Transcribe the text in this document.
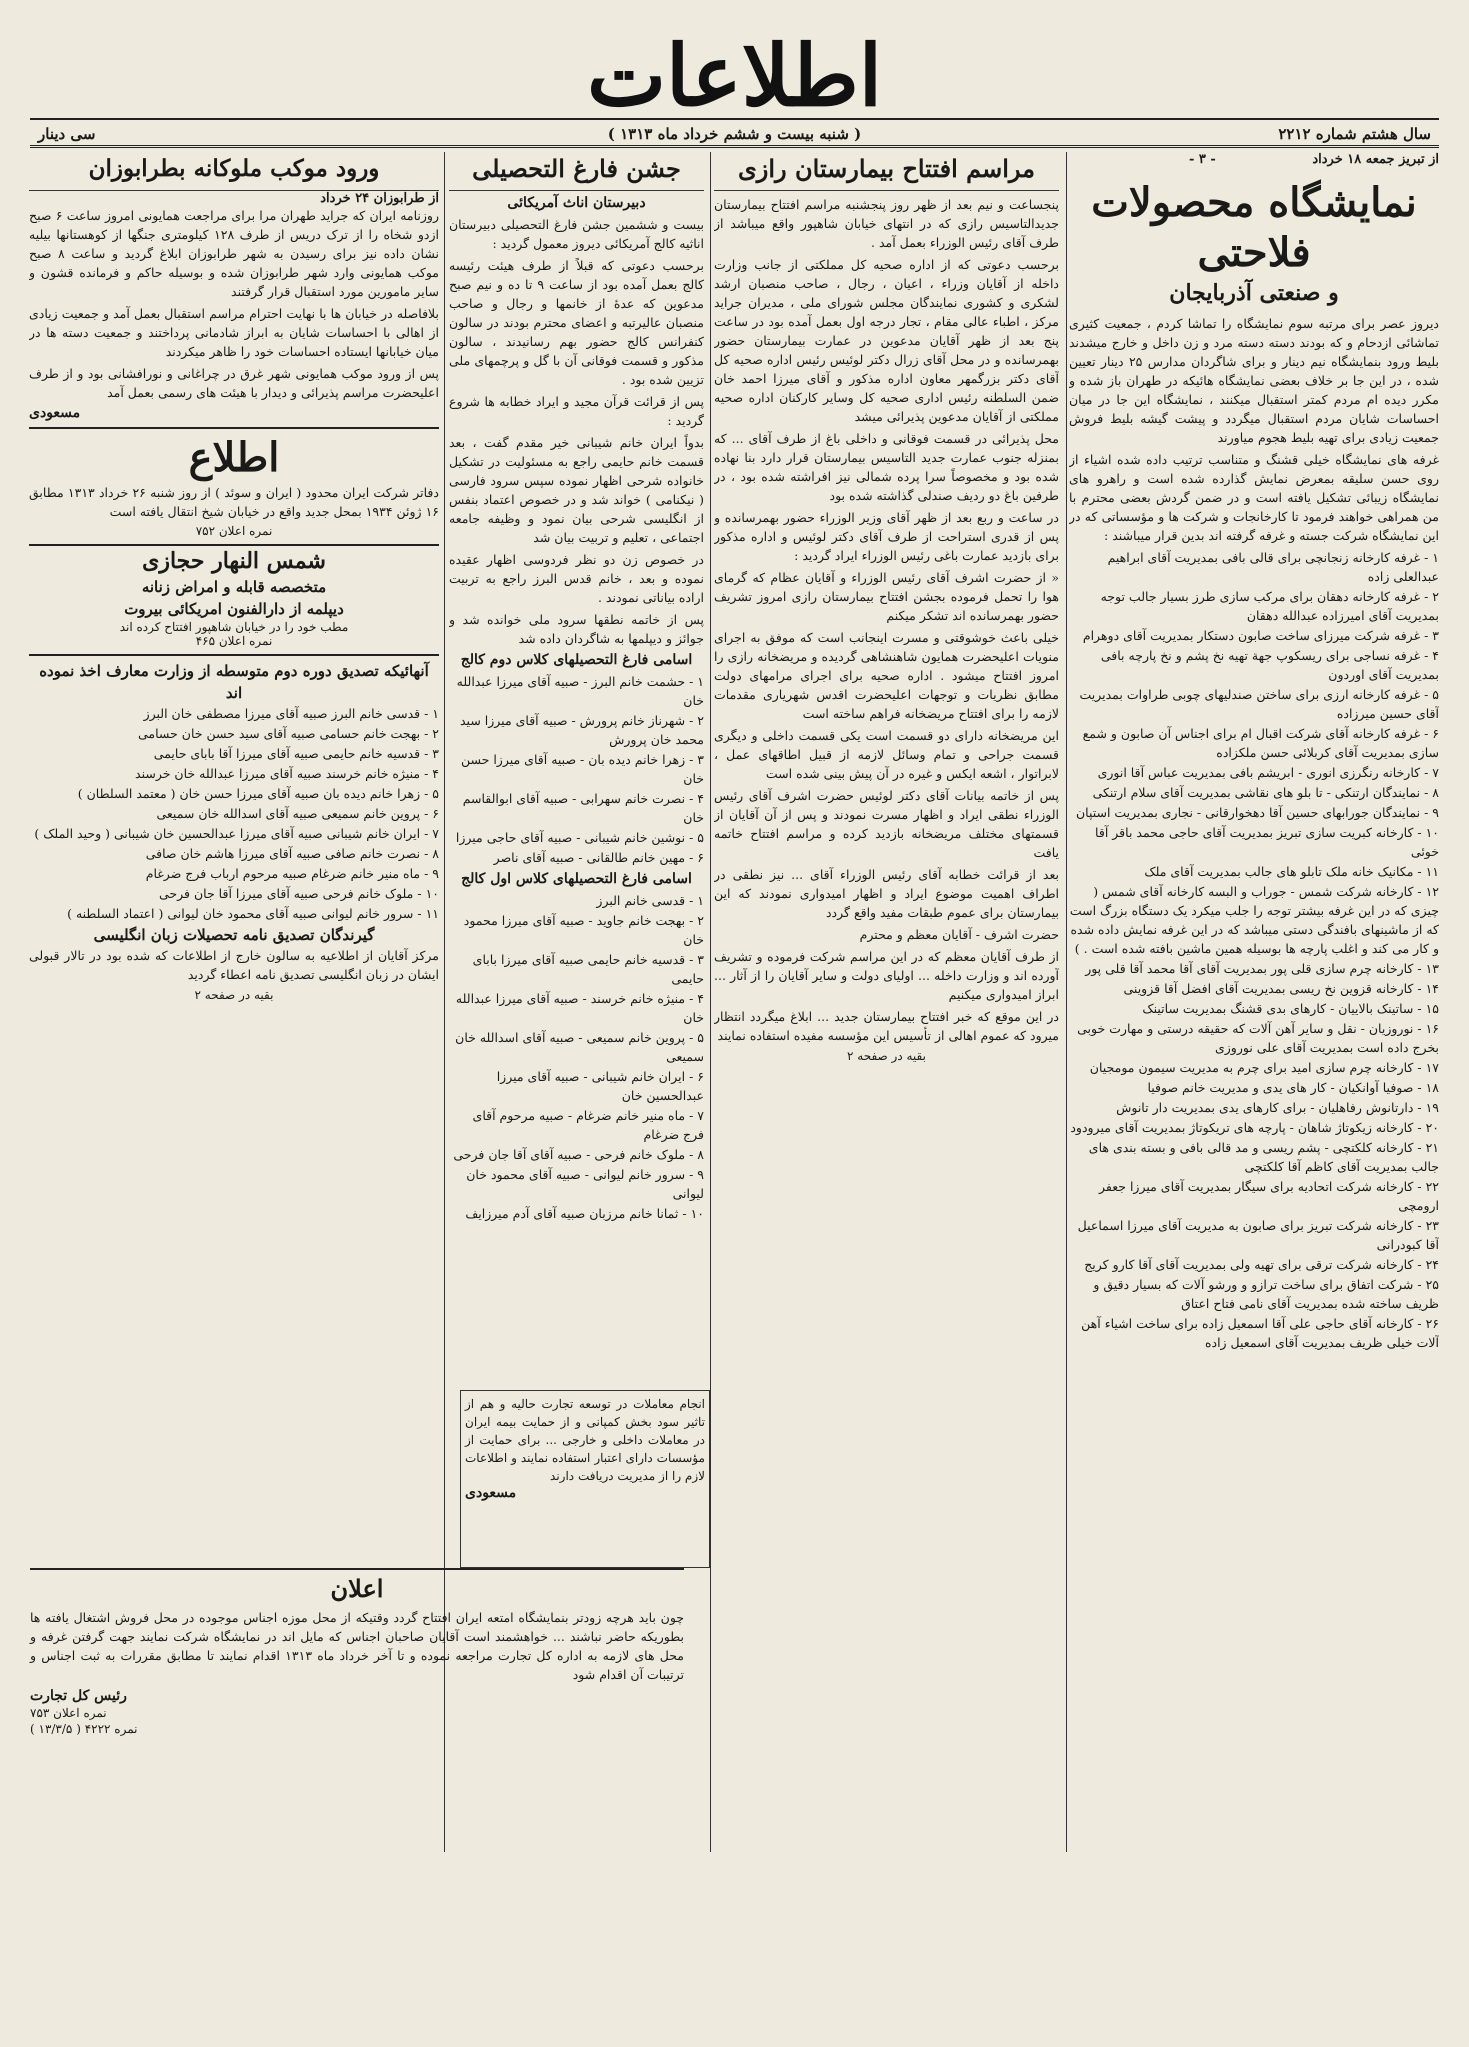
اطلاعات
سال هشتم شماره ۲۲۱۲
( شنبه بیست و ششم خرداد ماه ۱۳۱۳ )
سی دینار
از تبریز جمعه ۱۸ خرداد
- ۳ -
نمایشگاه محصولات فلاحتی
و صنعتی آذربایجان

دیروز عصر برای مرتبه سوم نمایشگاه را تماشا کردم ، جمعیت کثیری تماشائی ازدحام و که بودند دسته دسته مرد و زن داخل و خارج میشدند بلیط ورود بنمایشگاه نیم دینار و برای شاگردان مدارس ۲۵ دینار تعیین شده ، در این جا بر خلاف بعضی نمایشگاه هائیکه در طهران باز شده و مکرر دیده ام مردم کمتر استقبال میکنند ، نمایشگاه این جا در میان احساسات شایان مردم استقبال میگردد و پیشت گیشه بلیط فروش جمعیت زیادی برای تهیه بلیط هجوم میاورند

غرفه های نمایشگاه خیلی قشنگ و متناسب ترتیب داده شده اشیاء از روی حسن سلیقه بمعرض نمایش گذارده شده است و راهرو های نمایشگاه زیبائی تشکیل یافته است و در ضمن گردش بعضی محترم با من همراهی خواهند فرمود تا کارخانجات و شرکت ها و مؤسساتی که در این نمایشگاه شرکت جسته و غرفه گرفته اند بدین قرار میباشند :

۱ - غرفه کارخانه زنجانچی برای قالی بافی بمدیریت آقای ابراهیم عبدالعلی زاده
۲ - غرفه کارخانه دهقان برای مرکب سازی طرز بسیار جالب توجه بمدیریت آقای امیرزاده عبدالله دهقان
۳ - غرفه شرکت میرزای ساخت صابون دستکار بمدیریت آقای دوهرام
۴ - غرفه نساجی برای ریسکوپ جهة تهیه نخ پشم و نخ پارچه بافی بمدیریت آقای اوردون
۵ - غرفه کارخانه ارزی برای ساختن صندلیهای چوبی طراوات بمدیریت آقای حسین میرزاده
۶ - غرفه کارخانه آقای شرکت اقبال ام برای اجناس آن صابون و شمع سازی بمدیریت آقای کربلائی حسن ملکزاده
۷ - کارخانه رنگرزی انوری - ابریشم بافی بمدیریت عباس آقا انوری
۸ - نمایندگان ارتنکی - تا بلو های نقاشی بمدیریت آقای سلام ارتنکی
۹ - نمایندگان جورابهای حسین آقا دهخوارقانی - نجاری بمدیریت استپان
۱۰ - کارخانه کبریت سازی تبریز بمدیریت آقای حاجی محمد باقر آقا خوئی
۱۱ - مکانیک خانه ملک تابلو های جالب بمدیریت آقای ملک
۱۲ - کارخانه شرکت شمس - جوراب و البسه کارخانه آقای شمس ( چیزی که در این غرفه بیشتر توجه را جلب میکرد یک دستگاه بزرگ است که از ماشینهای بافندگی دستی میباشد که در این غرفه نمایش داده شده و کار می کند و اغلب پارچه ها بوسیله همین ماشین بافته شده است . )
۱۳ - کارخانه چرم سازی قلی پور بمدیریت آقای آقا محمد آقا قلی پور
۱۴ - کارخانه قزوین نخ ریسی بمدیریت آقای افضل آقا قزوینی
۱۵ - ساتینک بالاییان - کارهای بدی قشنگ بمدیریت ساتینک
۱۶ - نوروزیان - نقل و سایر آهن آلات که حقیقه درستی و مهارت خوبی بخرج داده است بمدیریت آقای علی نوروزی
۱۷ - کارخانه چرم سازی امید برای چرم به مدیریت سیمون مومجیان
۱۸ - صوفیا آوانکیان - کار های یدی و مدیریت خانم صوفیا
۱۹ - دارتانوش رفاهلیان - برای کارهای یدی بمدیریت دار تانوش
۲۰ - کارخانه زیکوتاژ شاهان - پارچه های تریکوتاژ بمدیریت آقای میرودود
۲۱ - کارخانه کلکتچی - پشم ریسی و مد قالی بافی و بسته بندی های جالب بمدیریت آقای کاظم آقا کلکتچی
۲۲ - کارخانه شرکت اتحادیه برای سیگار بمدیریت آقای میرزا جعفر ارومچی
۲۳ - کارخانه شرکت تبریز برای صابون به مدیریت آقای میرزا اسماعیل آقا کبودرانی
۲۴ - کارخانه شرکت ترقی برای تهیه ولی بمدیریت آقای آقا کارو کریج
۲۵ - شرکت اتفاق برای ساخت ترازو و ورشو آلات که بسیار دقیق و ظریف ساخته شده بمدیریت آقای نامی فتاح اعتاق
۲۶ - کارخانه آقای حاجی علی آقا اسمعیل زاده برای ساخت اشیاء آهن آلات خیلی ظریف بمدیریت آقای اسمعیل زاده
مراسم افتتاح بیمارستان رازی

پنجساعت و نیم بعد از ظهر روز پنجشنبه مراسم افتتاح بیمارستان جدیدالتاسیس رازی که در انتهای خیابان شاهپور واقع میباشد از طرف آقای رئیس الوزراء بعمل آمد .

برحسب دعوتی که از اداره صحیه کل مملکتی از جانب وزارت داخله از آقایان وزراء ، اعیان ، رجال ، صاحب منصبان ارشد لشکری و کشوری نمایندگان مجلس شورای ملی ، مدیران جراید مرکز ، اطباء عالی مقام ، تجار درجه اول بعمل آمده بود در ساعت پنج بعد از ظهر آقایان مدعوین در عمارت بیمارستان حضور بهمرسانده و در محل آقای زرال دکتر لوئیس رئیس اداره صحیه کل آقای دکتر بزرگمهر معاون اداره مذکور و آقای میرزا احمد خان ضمن السلطنه رئیس اداری صحیه کل وسایر کارکنان اداره صحیه مملکتی از آقایان مدعوین پذیرائی میشد

محل پذیرائی در قسمت فوقانی و داخلی باغ از طرف آقای ... که بمنزله جنوب عمارت جدید التاسیس بیمارستان قرار دارد بنا نهاده شده بود و مخصوصاً سرا پرده شمالی نیز افراشته شده بود ، در طرفین باغ دو ردیف صندلی گذاشته شده بود

در ساعت و ربع بعد از ظهر آقای وزیر الوزراء حضور بهمرسانده و پس از قدری استراحت از طرف آقای دکتر لوئیس و اداره مذکور برای بازدید عمارت باغی رئیس الوزراء ایراد گردید :

« از حضرت اشرف آقای رئیس الوزراء و آقایان عظام که گرمای هوا را تحمل فرموده بجشن افتتاح بیمارستان رازی امروز تشریف حضور بهمرسانده اند تشکر میکنم

خیلی باعث خوشوقتی و مسرت اینجانب است که موفق به اجرای منویات اعلیحضرت همایون شاهنشاهی گردیده و مریضخانه رازی را امروز افتتاح میشود . اداره صحیه برای اجرای مرامهای دولت مطابق نظریات و توجهات اعلیحضرت اقدس شهریاری مقدمات لازمه را برای افتتاح مریضخانه فراهم ساخته است

این مریضخانه دارای دو قسمت است یکی قسمت داخلی و دیگری قسمت جراحی و تمام وسائل لازمه از قبیل اطاقهای عمل ، لابراتوار ، اشعه ایکس و غیره در آن پیش بینی شده است

پس از خاتمه بیانات آقای دکتر لوئیس حضرت اشرف آقای رئیس الوزراء نطقی ایراد و اظهار مسرت نمودند و پس از آن آقایان از قسمتهای مختلف مریضخانه بازدید کرده و مراسم افتتاح خاتمه یافت

بعد از قرائت خطابه آقای رئیس الوزراء آقای ... نیز نطقی در اطراف اهمیت موضوع ایراد و اظهار امیدواری نمودند که این بیمارستان برای عموم طبقات مفید واقع گردد

حضرت اشرف - آقایان معظم و محترم

از طرف آقایان معظم که در این مراسم شرکت فرموده و تشریف آورده اند و وزارت داخله ... اولیای دولت و سایر آقایان را از آثار ... ابراز امیدواری میکنیم

در این موقع که خبر افتتاح بیمارستان جدید ... ابلاغ میگردد انتظار میرود که عموم اهالی از تأسیس این مؤسسه مفیده استفاده نمایند

بقیه در صفحه ۲
جشن فارغ التحصیلی
دبیرستان اناث آمریکائی

بیست و ششمین جشن فارغ التحصیلی دبیرستان اناثیه کالج آمریکائی دیروز معمول گردید :

برحسب دعوتی که قبلاً از طرف هیئت رئیسه کالج بعمل آمده بود از ساعت ۹ تا ده و نیم صبح مدعوین که عدهٔ از خانمها و رجال و صاحب منصبان عالیرتبه و اعضای محترم بودند در سالون کنفرانس کالج حضور بهم رسانیدند ، سالون مذکور و قسمت فوقانی آن با گل و پرچمهای ملی تزیین شده بود .

پس از قرائت قرآن مجید و ایراد خطابه ها شروع گردید :

بدواً ایران خانم شیبانی خیر مقدم گفت ، بعد قسمت خانم حایمی راجع به مسئولیت در تشکیل خانواده شرحی اظهار نموده سپس سرود فارسی ( نیکنامی ) خواند شد و در خصوص اعتماد بنفس از انگلیسی شرحی بیان نمود و وظیفه جامعه اجتماعی ، تعلیم و تربیت بیان شد

در خصوص زن دو نظر فردوسی اظهار عقیده نموده و بعد ، خانم قدس البرز راجع به تربیت اراده بیاناتی نمودند .

پس از خاتمه نطقها سرود ملی خوانده شد و جوائز و دیپلمها به شاگردان داده شد

اسامی فارغ التحصیلهای کلاس دوم کالج
۱ - حشمت خانم البرز - صبیه آقای میرزا عبدالله خان
۲ - شهرناز خانم پرورش - صبیه آقای میرزا سید محمد خان پرورش
۳ - زهرا خانم دیده بان - صبیه آقای میرزا حسن خان
۴ - نصرت خانم سهرابی - صبیه آقای ابوالقاسم خان
۵ - نوشین خانم شیبانی - صبیه آقای حاجی میرزا
۶ - مهین خانم طالقانی - صبیه آقای ناصر
اسامی فارغ التحصیلهای کلاس اول کالج
۱ - قدسی خانم البرز
۲ - بهجت خانم جاوید - صبیه آقای میرزا محمود خان
۳ - قدسیه خانم حایمی صبیه آقای میرزا بابای حایمی
۴ - منیژه خانم خرسند - صبیه آقای میرزا عبدالله خان
۵ - پروین خانم سمیعی - صبیه آقای اسدالله خان سمیعی
۶ - ایران خانم شیبانی - صبیه آقای میرزا عبدالحسین خان
۷ - ماه منیر خانم ضرغام - صبیه مرحوم آقای فرج ضرغام
۸ - ملوک خانم فرحی - صبیه آقای آقا جان فرحی
۹ - سرور خانم لیوانی - صبیه آقای محمود خان لیوانی
۱۰ - ثمانا خانم مرزبان صبیه آقای آدم میرزایف
ورود موکب ملوکانه بطرابوزان
از طرابوزان ۲۴ خرداد

روزنامه ایران که جراید طهران مرا برای مراجعت همایونی امروز ساعت ۶ صبح ازدو شخاه را از ترک دریس از طرف ۱۲۸ کیلومتری جنگها از کوهستانها بیلیه نشان داده نیز برای رسیدن به شهر طرابوزان ابلاغ گردید و ساعت ۸ صبح موکب همایونی وارد شهر طرابوزان شده و بوسیله حاکم و فرمانده قشون و سایر مامورین مورد استقبال قرار گرفتند

بلافاصله در خیابان ها با نهایت احترام مراسم استقبال بعمل آمد و جمعیت زیادی از اهالی با احساسات شایان به ابراز شادمانی پرداختند و جمعیت دسته ها در میان خیابانها ایستاده احساسات خود را ظاهر میکردند

پس از ورود موکب همایونی شهر غرق در چراغانی و نورافشانی بود و از طرف اعلیحضرت مراسم پذیرائی و دیدار با هیئت های رسمی بعمل آمد

مسعودی
اطلاع

دفاتر شرکت ایران محدود ( ایران و سوئد ) از روز شنبه ۲۶ خرداد ۱۳۱۳ مطابق ۱۶ ژوئن ۱۹۳۴ بمحل جدید واقع در خیابان شیخ انتقال یافته است

نمره اعلان ۷۵۲
شمس النهار حجازی
متخصصه قابله و امراض زنانه
دیپلمه از دارالفنون امریکائی بیروت
مطب خود را در خیابان شاهپور افتتاح کرده اند
نمره اعلان ۴۶۵
آنهائیکه تصدیق دوره دوم متوسطه از وزارت معارف اخذ نموده اند
۱ - قدسی خانم البرز صبیه آقای میرزا مصطفی خان البرز
۲ - بهجت خانم حسامی صبیه آقای سید حسن خان حسامی
۳ - قدسیه خانم حایمی صبیه آقای میرزا آقا بابای حایمی
۴ - منیژه خانم خرسند صبیه آقای میرزا عبدالله خان خرسند
۵ - زهرا خانم دیده بان صبیه آقای میرزا حسن خان ( معتمد السلطان )
۶ - پروین خانم سمیعی صبیه آقای اسدالله خان سمیعی
۷ - ایران خانم شیبانی صبیه آقای میرزا عبدالحسین خان شیبانی ( وحید الملک )
۸ - نصرت خانم صافی صبیه آقای میرزا هاشم خان صافی
۹ - ماه منیر خانم ضرغام صبیه مرحوم ارباب فرج ضرغام
۱۰ - ملوک خانم فرحی صبیه آقای میرزا آقا جان فرحی
۱۱ - سرور خانم لیوانی صبیه آقای محمود خان لیوانی ( اعتماد السلطنه )
گیرندگان تصدیق نامه تحصیلات زبان انگلیسی

مرکز آقایان از اطلاعیه به سالون خارج از اطلاعات که شده بود در تالار قبولی ایشان در زبان انگلیسی تصدیق نامه اعطاء گردید

بقیه در صفحه ۲

انجام معاملات در توسعه تجارت حالیه و هم از تاثیر سود بخش کمپانی و از حمایت بیمه ایران در معاملات داخلی و خارجی ... برای حمایت از مؤسسات دارای اعتبار استفاده نمایند و اطلاعات لازم را از مدیریت دریافت دارند

مسعودی
اعلان

چون باید هرچه زودتر بنمایشگاه امتعه ایران افتتاح گردد وقتیکه از محل موزه اجناس موجوده در محل فروش اشتغال یافته ها بطوریکه حاضر نباشند ... خواهشمند است آقایان صاحبان اجناس که مایل اند در نمایشگاه شرکت نمایند جهت گرفتن غرفه و محل های لازمه به اداره کل تجارت مراجعه نموده و تا آخر خرداد ماه ۱۳۱۳ اقدام نمایند تا مطابق مقررات به ثبت اجناس و ترتیبات آن اقدام شود

رئیس کل تجارت
نمره اعلان ۷۵۳
نمره ۴۲۲۲ ( ۱۳/۳/۵ )
